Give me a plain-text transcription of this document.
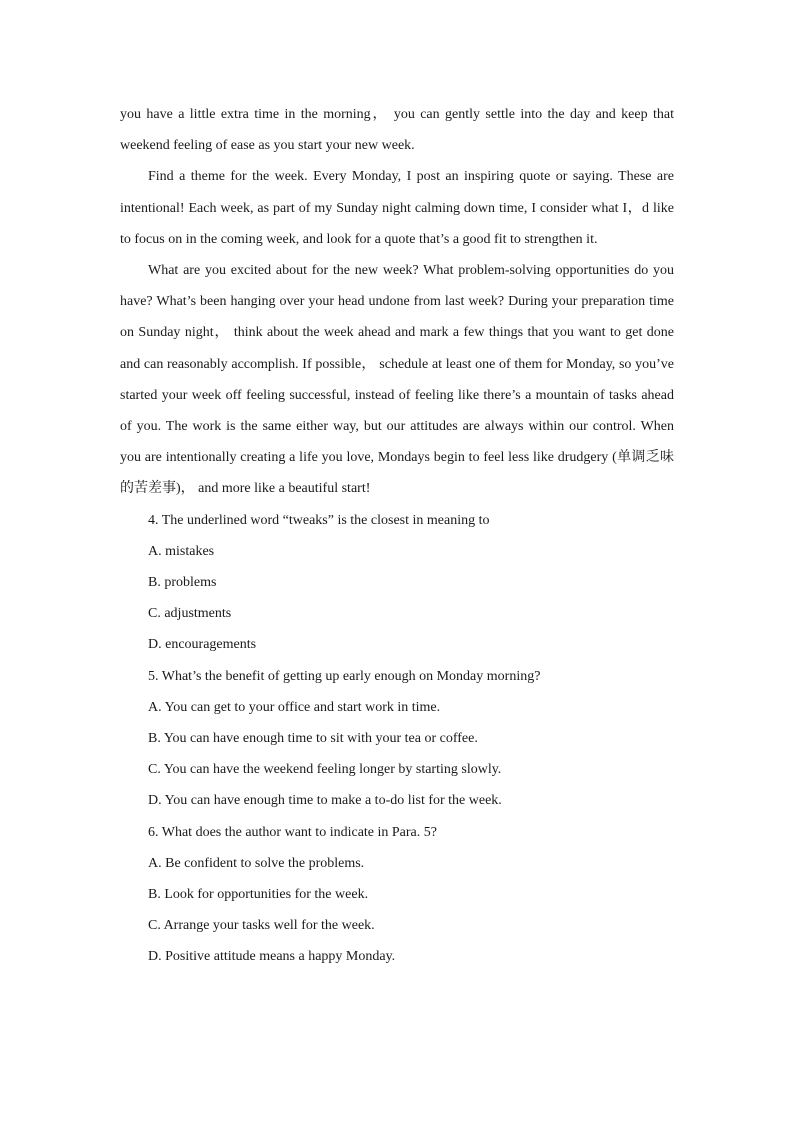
you have a little extra time in the morning， you can gently settle into the day and keep that weekend feeling of ease as you start your new week.

Find a theme for the week. Every Monday, I post an inspiring quote or saying. These are intentional! Each week, as part of my Sunday night calming down time, I consider what I，d like to focus on in the coming week, and look for a quote that’s a good fit to strengthen it.

What are you excited about for the new week? What problem-solving opportunities do you have? What’s been hanging over your head undone from last week? During your preparation time on Sunday night， think about the week ahead and mark a few things that you want to get done and can reasonably accomplish. If possible， schedule at least one of them for Monday, so you’ve started your week off feeling successful, instead of feeling like there’s a mountain of tasks ahead of you. The work is the same either way, but our attitudes are always within our control. When you are intentionally creating a life you love, Mondays begin to feel less like drudgery (单调乏味的苦差事)， and more like a beautiful start!

4. The underlined word “tweaks” is the closest in meaning to

A. mistakes

B. problems

C. adjustments

D. encouragements

5. What’s the benefit of getting up early enough on Monday morning?

A. You can get to your office and start work in time.

B. You can have enough time to sit with your tea or coffee.

C. You can have the weekend feeling longer by starting slowly.

D. You can have enough time to make a to-do list for the week.

6. What does the author want to indicate in Para. 5?

A. Be confident to solve the problems.

B. Look for opportunities for the week.

C. Arrange your tasks well for the week.

D. Positive attitude means a happy Monday.
